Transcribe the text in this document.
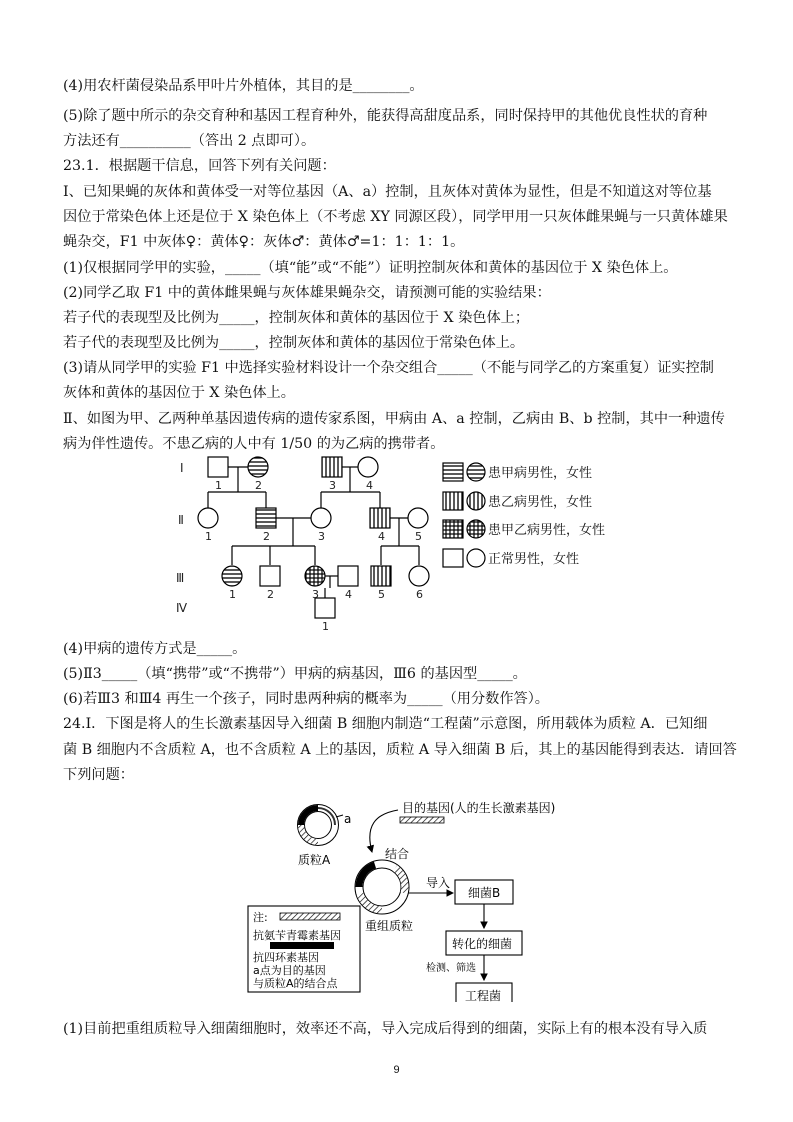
(4)用农杆菌侵染品系甲叶片外植体，其目的是________。
(5)除了题中所示的杂交育种和基因工程育种外，能获得高甜度品系，同时保持甲的其他优良性状的育种
方法还有__________（答出 2 点即可）。
23.1．根据题干信息，回答下列有关问题：
I、已知果蝇的灰体和黄体受一对等位基因（A、a）控制，且灰体对黄体为显性，但是不知道这对等位基
因位于常染色体上还是位于 X 染色体上（不考虑 XY 同源区段），同学甲用一只灰体雌果蝇与一只黄体雄果
蝇杂交，F1 中灰体♀：黄体♀：灰体♂：黄体♂=1：1：1：1。
(1)仅根据同学甲的实验，_____（填“能”或“不能”）证明控制灰体和黄体的基因位于 X 染色体上。
(2)同学乙取 F1 中的黄体雌果蝇与灰体雄果蝇杂交，请预测可能的实验结果：
若子代的表现型及比例为_____，控制灰体和黄体的基因位于 X 染色体上；
若子代的表现型及比例为_____，控制灰体和黄体的基因位于常染色体上。
(3)请从同学甲的实验 F1 中选择实验材料设计一个杂交组合_____（不能与同学乙的方案重复）证实控制
灰体和黄体的基因位于 X 染色体上。
Ⅱ、如图为甲、乙两种单基因遗传病的遗传家系图，甲病由 A、a 控制，乙病由 B、b 控制，其中一种遗传
病为伴性遗传。不患乙病的人中有 1/50 的为乙病的携带者。
I
Ⅱ
Ⅲ
Ⅳ
1	2	3	4
1	2	3	4	5
1	2	3 4 5	6
1
患甲病男性，女性
患乙病男性，女性
患甲乙病男性，女性
正常男性，女性
(4)甲病的遗传方式是_____。
(5)Ⅱ3_____（填“携带”或“不携带”）甲病的病基因，Ⅲ6 的基因型_____。
(6)若Ⅲ3 和Ⅲ4 再生一个孩子，同时患两种病的概率为_____（用分数作答）。
24.Ⅰ．下图是将人的生长激素基因导入细菌 B 细胞内制造“工程菌”示意图，所用载体为质粒 A．已知细
菌 B 细胞内不含质粒 A，也不含质粒 A 上的基因，质粒 A 导入细菌 B 后，其上的基因能得到表达．请回答
下列问题：
a
质粒A
目的基因(人的生长激素基因)
结合
重组质粒
导入
细菌B
转化的细菌
检测、筛选
工程菌
注:
抗氨苄青霉素基因
抗四环素基因
a点为目的基因
与质粒A的结合点
(1)目前把重组质粒导入细菌细胞时，效率还不高，导入完成后得到的细菌，实际上有的根本没有导入质
9
